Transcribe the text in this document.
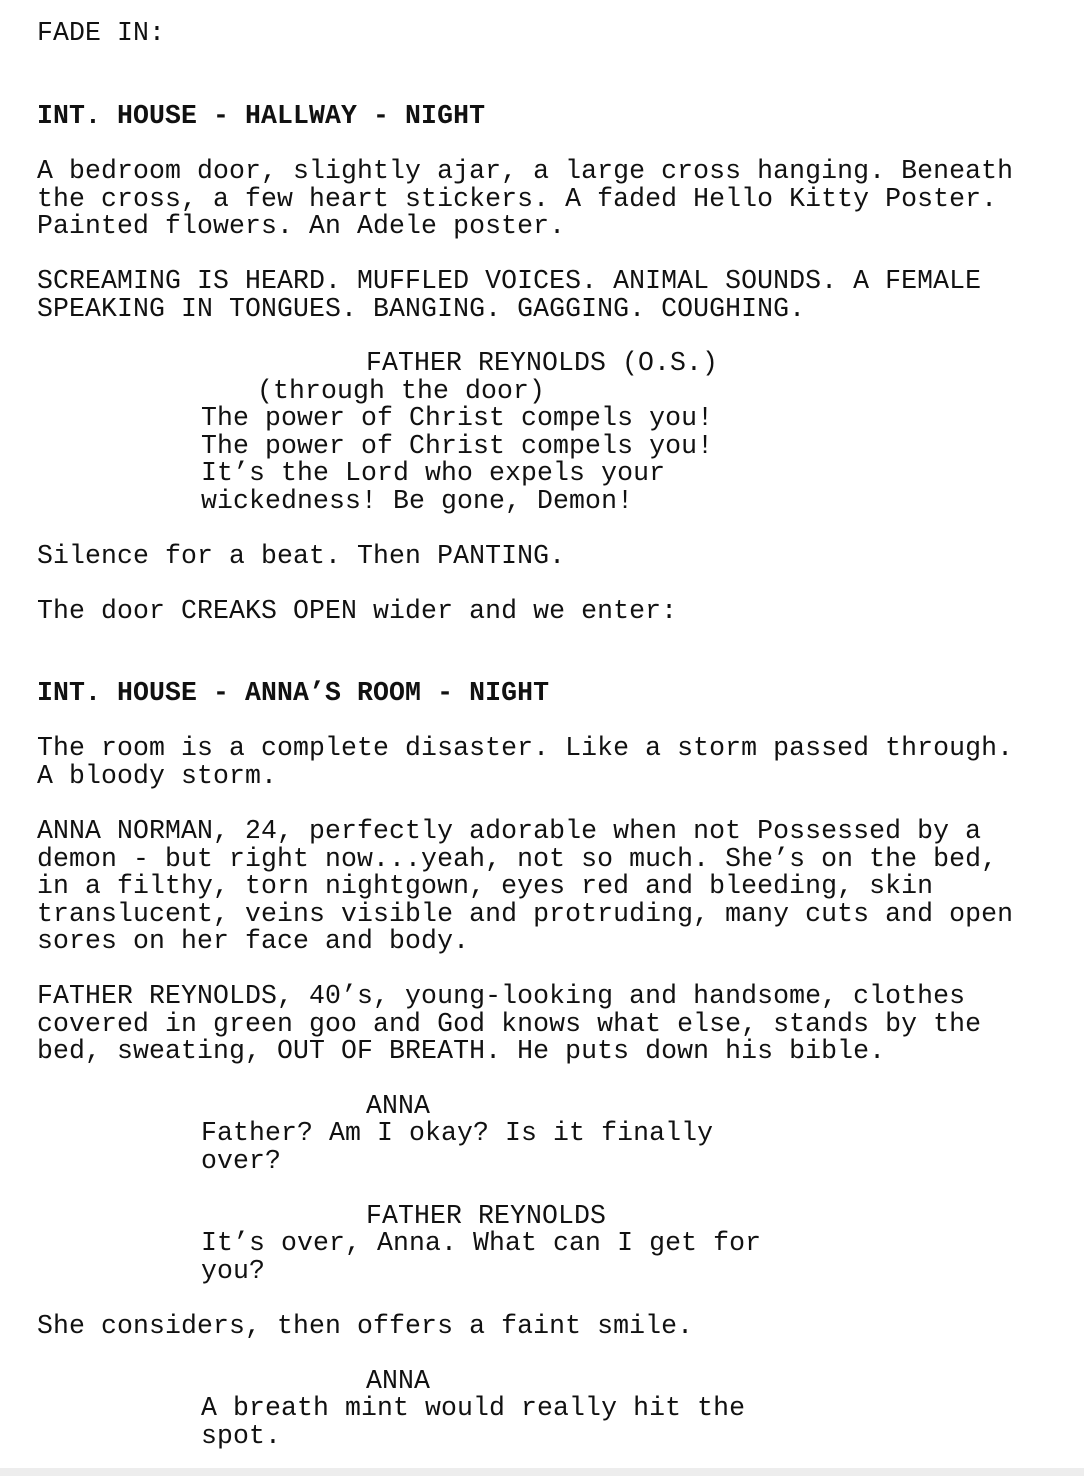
FADE IN:
INT. HOUSE - HALLWAY - NIGHT
A bedroom door, slightly ajar, a large cross hanging. Beneath
the cross, a few heart stickers. A faded Hello Kitty Poster.
Painted flowers. An Adele poster.
SCREAMING IS HEARD. MUFFLED VOICES. ANIMAL SOUNDS. A FEMALE
SPEAKING IN TONGUES. BANGING. GAGGING. COUGHING.
FATHER REYNOLDS (O.S.)
(through the door)
The power of Christ compels you!
The power of Christ compels you!
It’s the Lord who expels your
wickedness! Be gone, Demon!
Silence for a beat. Then PANTING.
The door CREAKS OPEN wider and we enter:
INT. HOUSE - ANNA’S ROOM - NIGHT
The room is a complete disaster. Like a storm passed through.
A bloody storm.
ANNA NORMAN, 24, perfectly adorable when not Possessed by a
demon - but right now...yeah, not so much. She’s on the bed,
in a filthy, torn nightgown, eyes red and bleeding, skin
translucent, veins visible and protruding, many cuts and open
sores on her face and body.
FATHER REYNOLDS, 40’s, young-looking and handsome, clothes
covered in green goo and God knows what else, stands by the
bed, sweating, OUT OF BREATH. He puts down his bible.
ANNA
Father? Am I okay? Is it finally
over?
FATHER REYNOLDS
It’s over, Anna. What can I get for
you?
She considers, then offers a faint smile.
ANNA
A breath mint would really hit the
spot.
